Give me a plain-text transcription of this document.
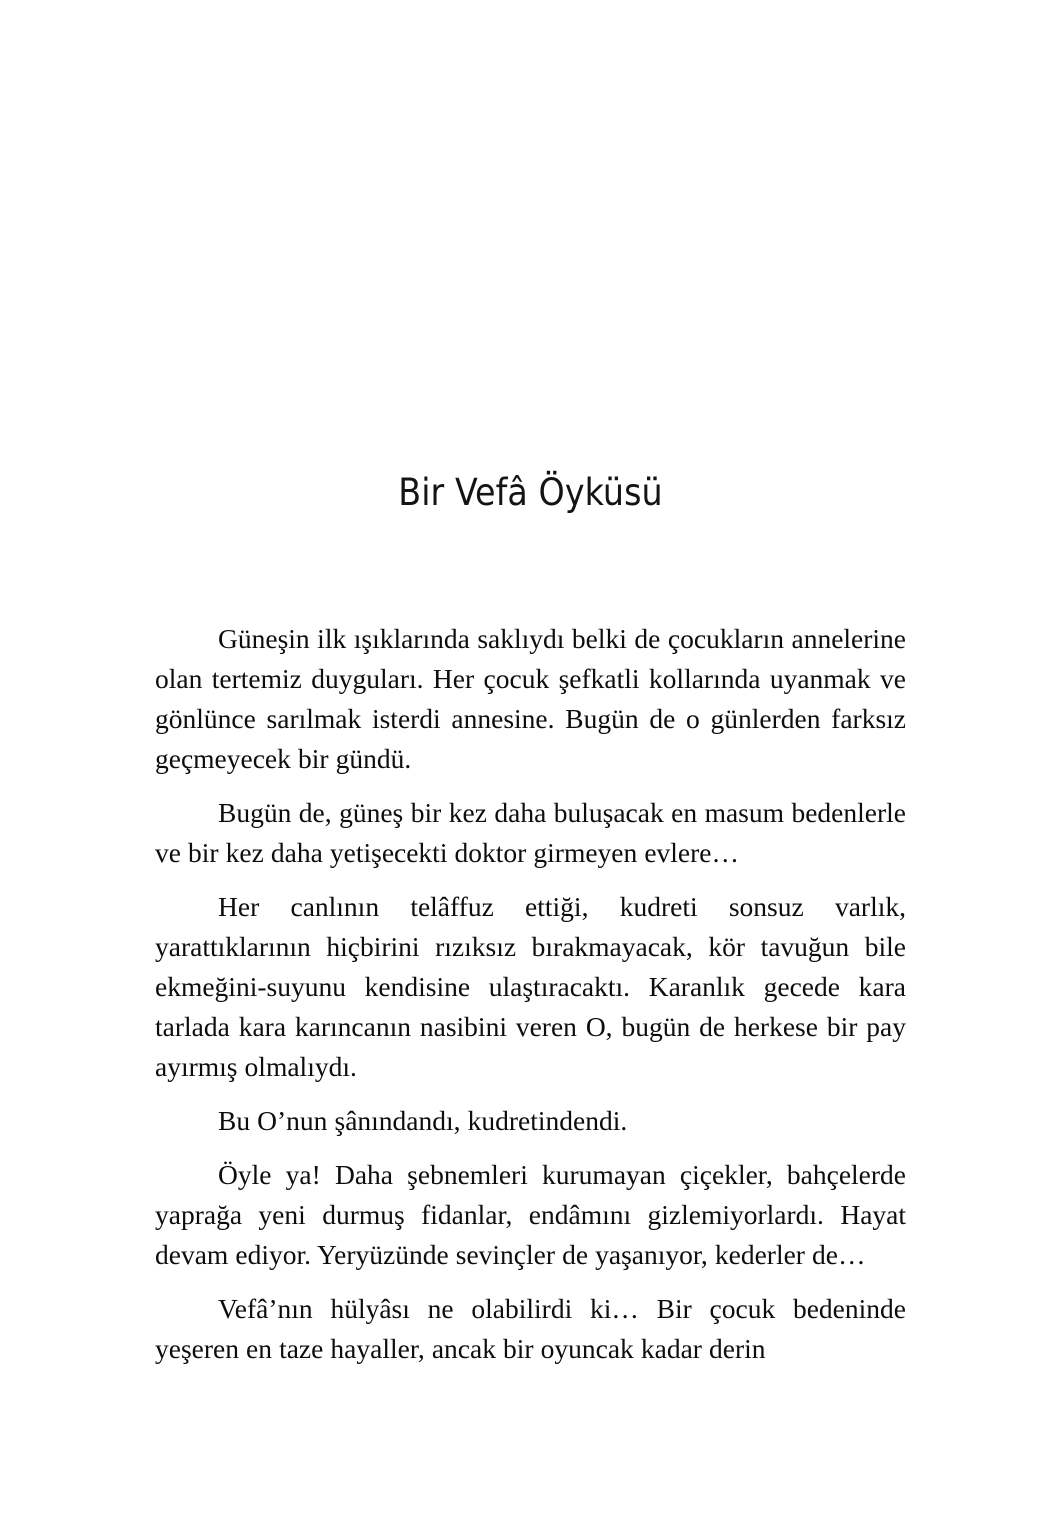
Bir Vefâ Öyküsü

Güneşin ilk ışıklarında saklıydı belki de çocukların annelerine olan tertemiz duyguları. Her çocuk şefkatli kollarında uyanmak ve gönlünce sarılmak isterdi annesine. Bugün de o günlerden farksız geçmeyecek bir gündü.

Bugün de, güneş bir kez daha buluşacak en masum bedenlerle ve bir kez daha yetişecekti doktor girmeyen evlere…

Her canlının telâffuz ettiği, kudreti sonsuz varlık, yarattıklarının hiçbirini rızıksız bırakmayacak, kör tavuğun bile ekmeğini-suyunu kendisine ulaştıracaktı. Karanlık gecede kara tarlada kara karıncanın nasibini veren O, bugün de herkese bir pay ayırmış olmalıydı.

Bu O’nun şânındandı, kudretindendi.

Öyle ya! Daha şebnemleri kurumayan çiçekler, bahçelerde yaprağa yeni durmuş fidanlar, endâmını gizlemiyorlardı. Hayat devam ediyor. Yeryüzünde sevinçler de yaşanıyor, kederler de…

Vefâ’nın hülyâsı ne olabilirdi ki… Bir çocuk bedeninde yeşeren en taze hayaller, ancak bir oyuncak kadar derin
